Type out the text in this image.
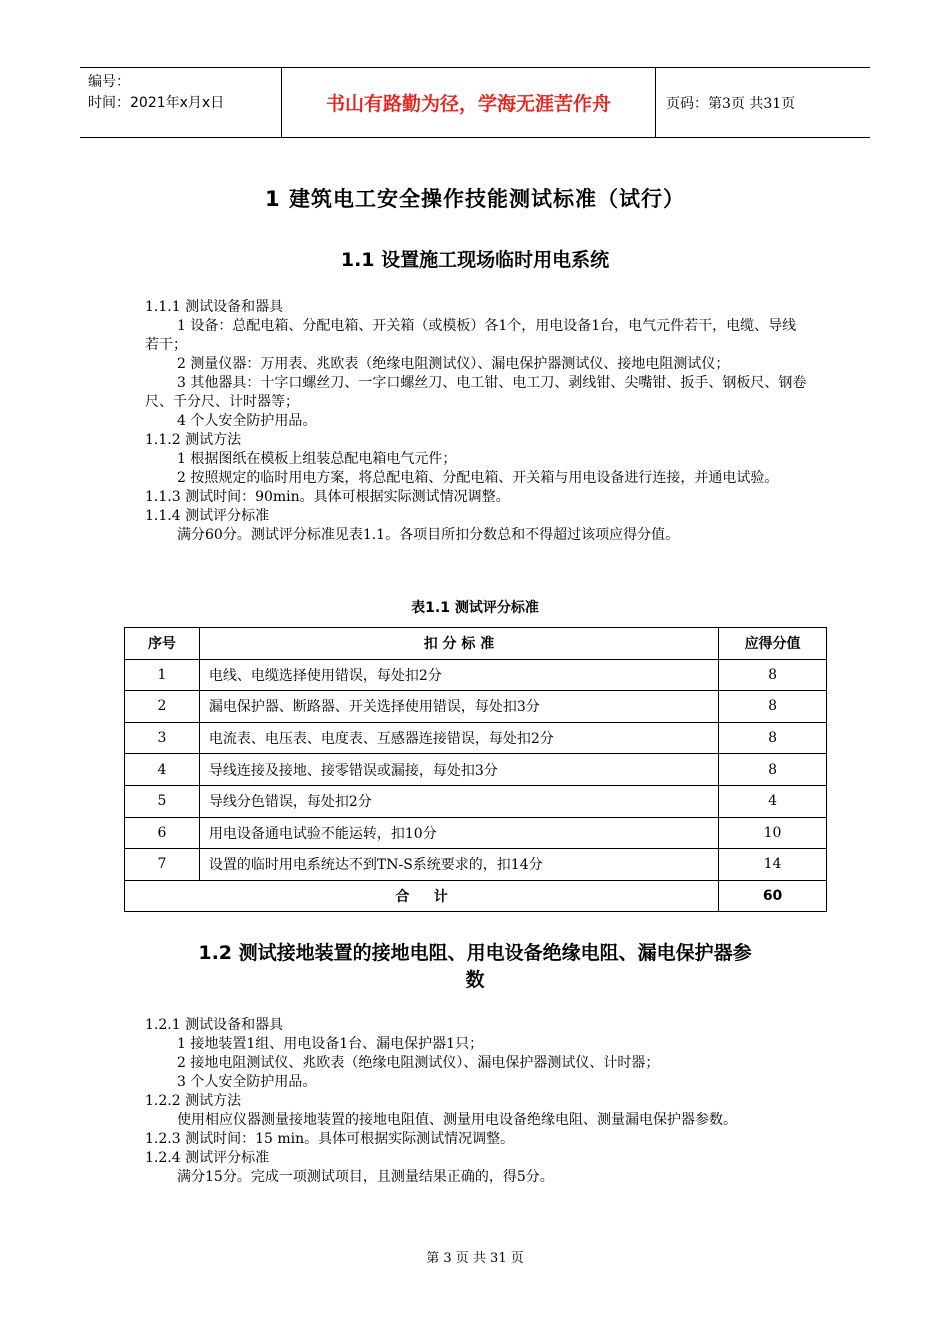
编号：
时间：2021年x月x日	书山有路勤为径，学海无涯苦作舟	页码：第3页 共31页
1 建筑电工安全操作技能测试标准（试行）
1.1 设置施工现场临时用电系统

1.1.1 测试设备和器具

1 设备：总配电箱、分配电箱、开关箱（或模板）各1个，用电设备1台，电气元件若干，电缆、导线若干；

2 测量仪器：万用表、兆欧表（绝缘电阻测试仪）、漏电保护器测试仪、接地电阻测试仪；

3 其他器具：十字口螺丝刀、一字口螺丝刀、电工钳、电工刀、剥线钳、尖嘴钳、扳手、钢板尺、钢卷尺、千分尺、计时器等；

4 个人安全防护用品。

1.1.2 测试方法

1 根据图纸在模板上组装总配电箱电气元件；

2 按照规定的临时用电方案，将总配电箱、分配电箱、开关箱与用电设备进行连接，并通电试验。

1.1.3 测试时间：90min。具体可根据实际测试情况调整。

1.1.4 测试评分标准

满分60分。测试评分标准见表1.1。各项目所扣分数总和不得超过该项应得分值。

表1.1 测试评分标准
序号	扣 分 标 准	应得分值
1	电线、电缆选择使用错误，每处扣2分	8
2	漏电保护器、断路器、开关选择使用错误，每处扣3分	8
3	电流表、电压表、电度表、互感器连接错误，每处扣2分	8
4	导线连接及接地、接零错误或漏接，每处扣3分	8
5	导线分色错误，每处扣2分	4
6	用电设备通电试验不能运转，扣10分	10
7	设置的临时用电系统达不到TN-S系统要求的，扣14分	14
合     计		60
1.2 测试接地装置的接地电阻、用电设备绝缘电阻、漏电保护器参
数

1.2.1 测试设备和器具

1 接地装置1组、用电设备1台、漏电保护器1只；

2 接地电阻测试仪、兆欧表（绝缘电阻测试仪）、漏电保护器测试仪、计时器；

3 个人安全防护用品。

1.2.2 测试方法

使用相应仪器测量接地装置的接地电阻值、测量用电设备绝缘电阻、测量漏电保护器参数。

1.2.3 测试时间：15 min。具体可根据实际测试情况调整。

1.2.4 测试评分标准

满分15分。完成一项测试项目，且测量结果正确的，得5分。

第 3 页 共 31 页
